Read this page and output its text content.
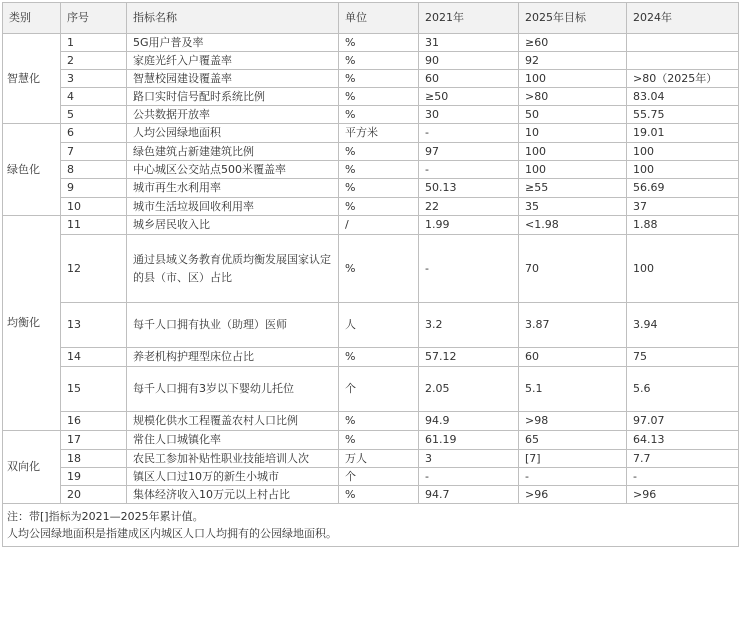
类别	序号	指标名称	单位	2021年	2025年目标	2024年
智慧化	1	5G用户普及率	%	31	≥60	
	2	家庭光纤入户覆盖率	%	90	92	
	3	智慧校园建设覆盖率	%	60	100	>80（2025年）
	4	路口实时信号配时系统比例	%	≥50	>80	83.04
	5	公共数据开放率	%	30	50	55.75
绿色化	6	人均公园绿地面积	平方米	-	10	19.01
	7	绿色建筑占新建建筑比例	%	97	100	100
	8	中心城区公交站点500米覆盖率	%	-	100	100
	9	城市再生水利用率	%	50.13	≥55	56.69
	10	城市生活垃圾回收利用率	%	22	35	37
均衡化	11	城乡居民收入比	/	1.99	<1.98	1.88
	12	通过县域义务教育优质均衡发展国家认定的县（市、区）占比	%	-	70	100
	13	每千人口拥有执业（助理）医师	人	3.2	3.87	3.94
	14	养老机构护理型床位占比	%	57.12	60	75
	15	每千人口拥有3岁以下婴幼儿托位	个	2.05	5.1	5.6
	16	规模化供水工程覆盖农村人口比例	%	94.9	>98	97.07
双向化	17	常住人口城镇化率	%	61.19	65	64.13
	18	农民工参加补贴性职业技能培训人次	万人	3	[7]	7.7
	19	镇区人口过10万的新生小城市	个	-	-	-
	20	集体经济收入10万元以上村占比	%	94.7	>96	>96

注：带[]指标为2021—2025年累计值。
人均公园绿地面积是指建成区内城区人口人均拥有的公园绿地面积。						
